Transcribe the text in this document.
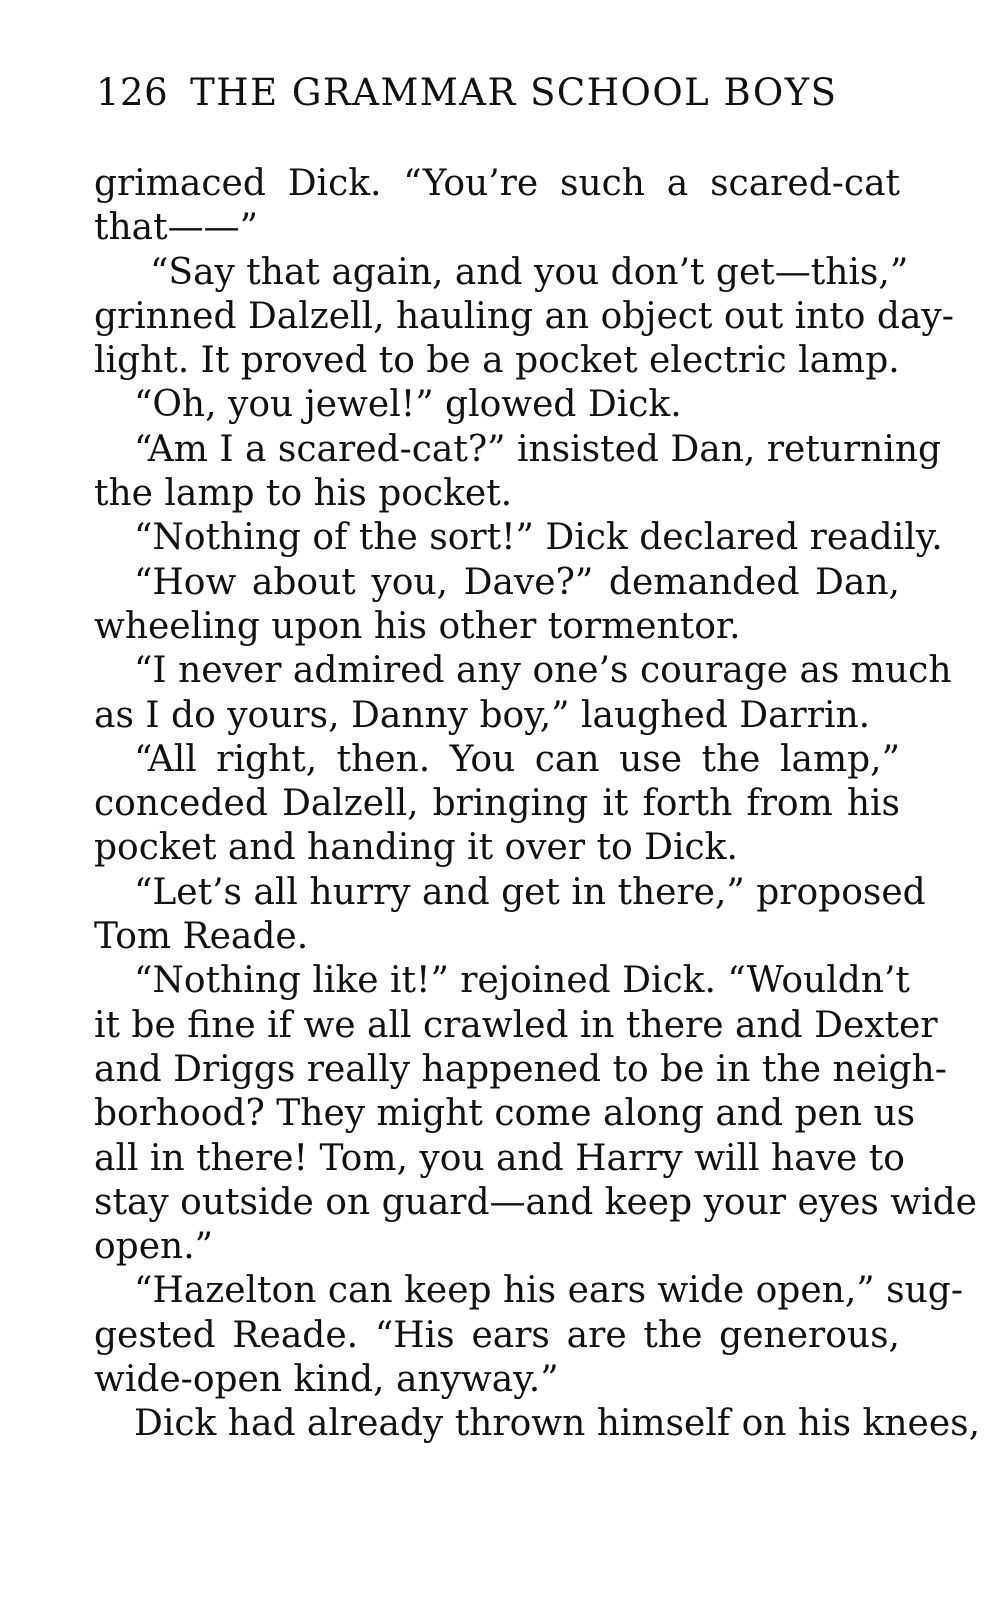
126 THE GRAMMAR SCHOOL BOYS
grimaced Dick. “You’re such a scared-cat
that——”
“Say that again, and you don’t get—this,”
grinned Dalzell, hauling an object out into day-
light. It proved to be a pocket electric lamp.
“Oh, you jewel!” glowed Dick.
“Am I a scared-cat?” insisted Dan, returning
the lamp to his pocket.
“Nothing of the sort!” Dick declared readily.
“How about you, Dave?” demanded Dan,
wheeling upon his other tormentor.
“I never admired any one’s courage as much
as I do yours, Danny boy,” laughed Darrin.
“All right, then. You can use the lamp,”
conceded Dalzell, bringing it forth from his
pocket and handing it over to Dick.
“Let’s all hurry and get in there,” proposed
Tom Reade.
“Nothing like it!” rejoined Dick. “Wouldn’t
it be fine if we all crawled in there and Dexter
and Driggs really happened to be in the neigh-
borhood? They might come along and pen us
all in there! Tom, you and Harry will have to
stay outside on guard—and keep your eyes wide
open.”
“Hazelton can keep his ears wide open,” sug-
gested Reade. “His ears are the generous,
wide-open kind, anyway.”
Dick had already thrown himself on his knees,
